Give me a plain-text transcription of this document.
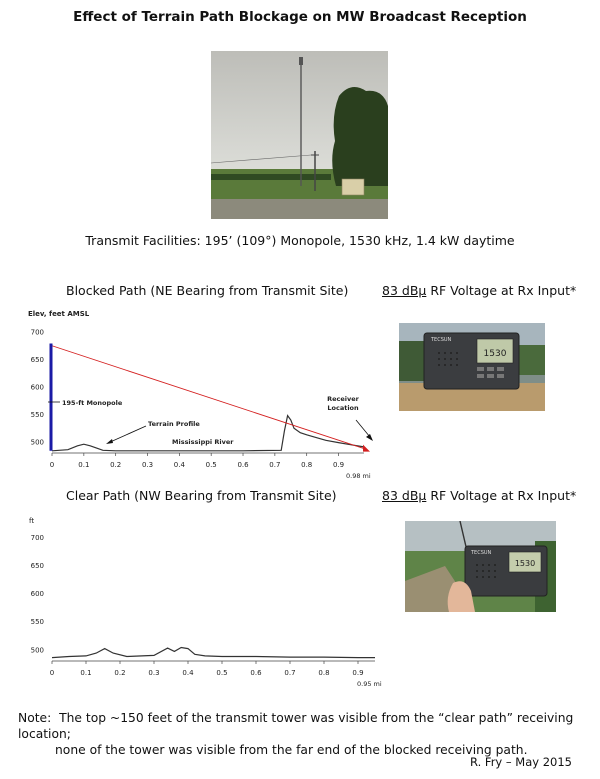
Effect of Terrain Path Blockage on MW Broadcast Reception
Transmit Facilities: 195’ (109°) Monopole, 1530 kHz, 1.4 kW daytime
Blocked Path (NE Bearing from Transmit Site)	83 dBμ RF Voltage at Rx Input*
Elev, feet AMSL
700
650
600
550
500
0	0.1	0.2	0.3	0.4	0.5	0.6	0.7	0.8	0.9
195-ft Monopole
Terrain Profile
Mississippi River
Receiver Location
0.98 mi
1530
TECSUN
Clear Path (NW Bearing from Transmit Site)	83 dBμ RF Voltage at Rx Input*
ft
700
650
600
550
500
0	0.1	0.2	0.3	0.4	0.5	0.6	0.7	0.8	0.9
0.95 mi
1530
TECSUN
Note: The top ~150 feet of the transmit tower was visible from the “clear path” receiving location;
none of the tower was visible from the far end of the blocked receiving path.
R. Fry – May 2015
